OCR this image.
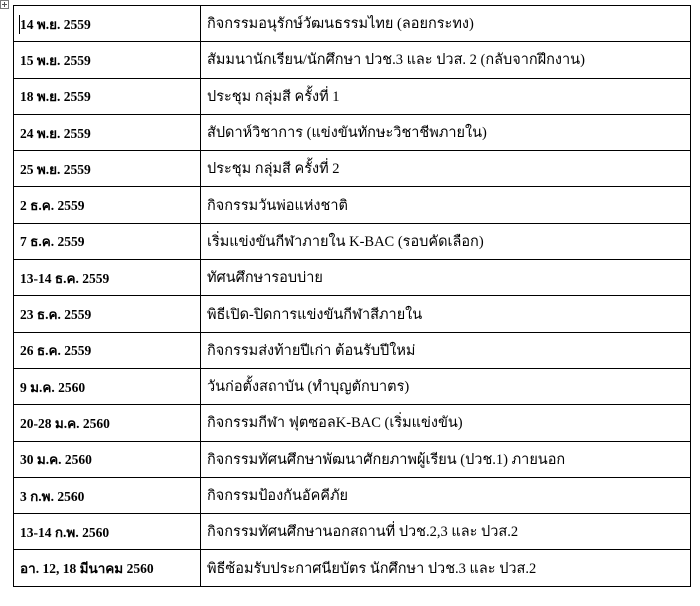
14 พ.ย. 2559	กิจกรรมอนุรักษ์วัฒนธรรมไทย (ลอยกระทง)
15 พ.ย. 2559	สัมมนานักเรียน/นักศึกษา ปวช.3 และ ปวส. 2 (กลับจากฝึกงาน)
18 พ.ย. 2559	ประชุม กลุ่มสี ครั้งที่ 1
24 พ.ย. 2559	สัปดาห์วิชาการ (แข่งขันทักษะวิชาชีพภายใน)
25 พ.ย. 2559	ประชุม กลุ่มสี ครั้งที่ 2
2 ธ.ค. 2559	กิจกรรมวันพ่อแห่งชาติ
7 ธ.ค. 2559	เริ่มแข่งขันกีฬาภายใน K-BAC (รอบคัดเลือก)
13-14 ธ.ค. 2559	ทัศนศึกษารอบบ่าย
23 ธ.ค. 2559	พิธีเปิด-ปิดการแข่งขันกีฬาสีภายใน
26 ธ.ค. 2559	กิจกรรมส่งท้ายปีเก่า ต้อนรับปีใหม่
9 ม.ค. 2560	วันก่อตั้งสถาบัน (ทำบุญตักบาตร)
20-28 ม.ค. 2560	กิจกรรมกีฬา ฟุตซอลK-BAC (เริ่มแข่งขัน)
30 ม.ค. 2560	กิจกรรมทัศนศึกษาพัฒนาศักยภาพผู้เรียน (ปวช.1) ภายนอก
3 ก.พ. 2560	กิจกรรมป้องกันอัคคีภัย
13-14 ก.พ. 2560	กิจกรรมทัศนศึกษานอกสถานที่ ปวช.2,3 และ ปวส.2
อา. 12, 18 มีนาคม 2560	พิธีซ้อมรับประกาศนียบัตร นักศึกษา ปวช.3 และ ปวส.2
